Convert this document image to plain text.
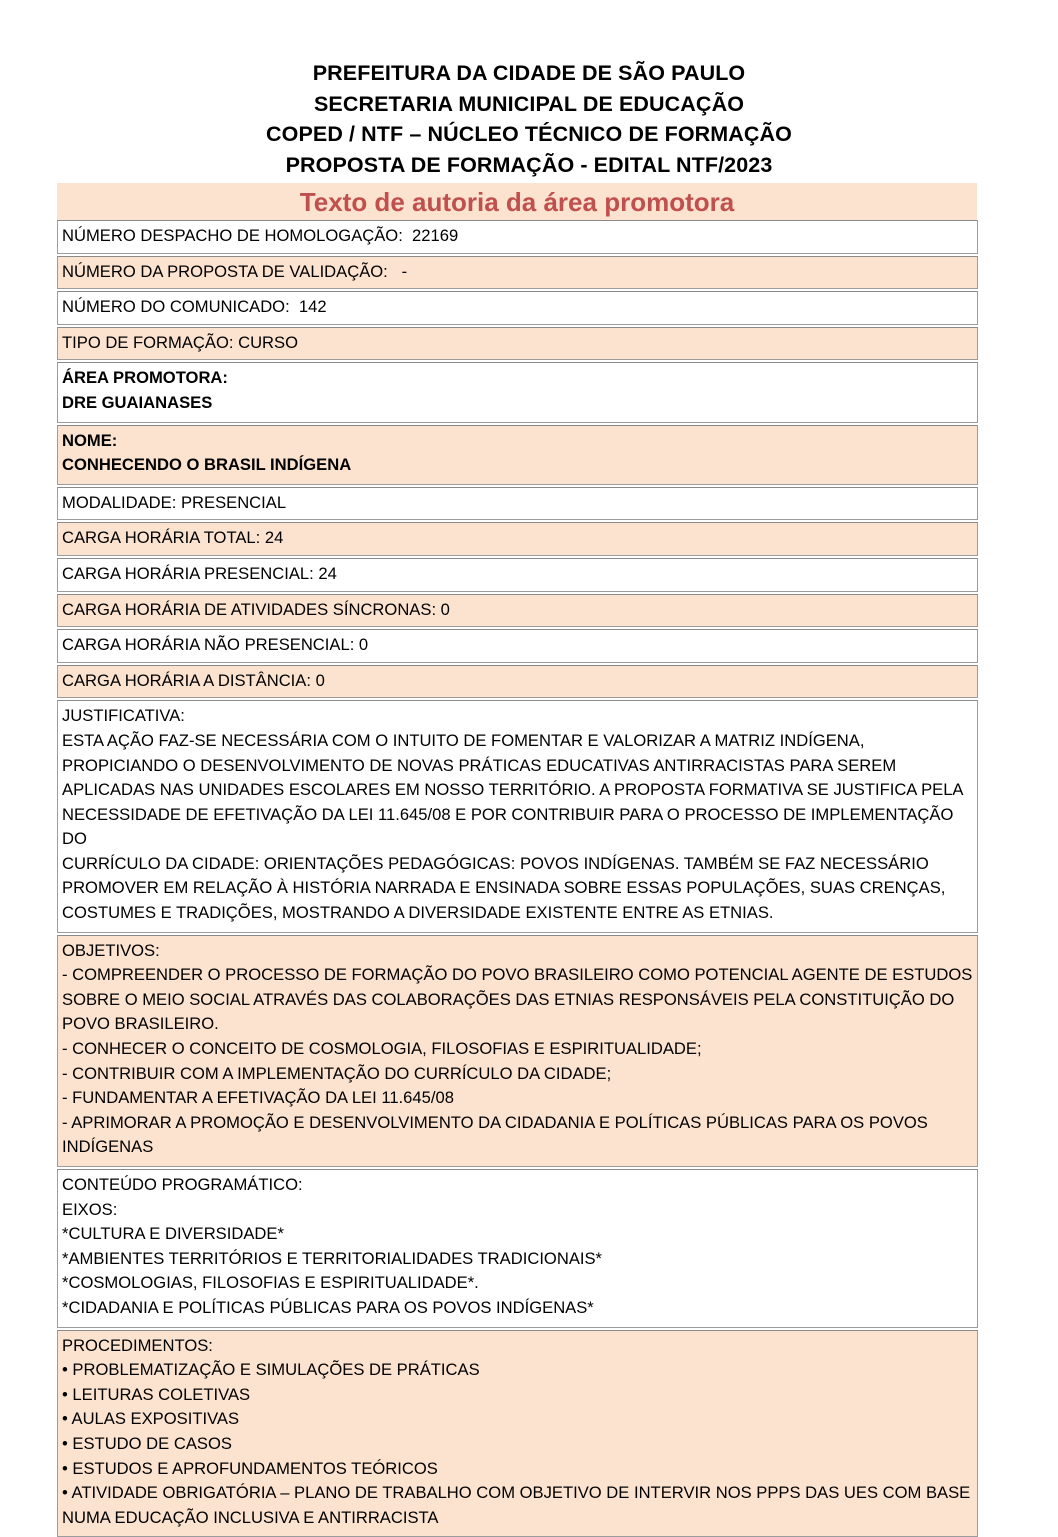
PREFEITURA DA CIDADE DE SÃO PAULO
SECRETARIA MUNICIPAL DE EDUCAÇÃO
COPED / NTF – NÚCLEO TÉCNICO DE FORMAÇÃO
PROPOSTA DE FORMAÇÃO - EDITAL NTF/2023
Texto de autoria da área promotora
NÚMERO DESPACHO DE HOMOLOGAÇÃO:  22169
NÚMERO DA PROPOSTA DE VALIDAÇÃO:   -
NÚMERO DO COMUNICADO:  142
TIPO DE FORMAÇÃO: CURSO
ÁREA PROMOTORA:
DRE GUAIANASES
NOME:
CONHECENDO O BRASIL INDÍGENA
MODALIDADE: PRESENCIAL
CARGA HORÁRIA TOTAL: 24
CARGA HORÁRIA PRESENCIAL: 24
CARGA HORÁRIA DE ATIVIDADES SÍNCRONAS: 0
CARGA HORÁRIA NÃO PRESENCIAL: 0
CARGA HORÁRIA A DISTÂNCIA: 0
JUSTIFICATIVA:
ESTA AÇÃO FAZ-SE NECESSÁRIA COM O INTUITO DE FOMENTAR E VALORIZAR A MATRIZ INDÍGENA,
PROPICIANDO O DESENVOLVIMENTO DE NOVAS PRÁTICAS EDUCATIVAS ANTIRRACISTAS PARA SEREM
APLICADAS NAS UNIDADES ESCOLARES EM NOSSO TERRITÓRIO. A PROPOSTA FORMATIVA SE JUSTIFICA PELA
NECESSIDADE DE EFETIVAÇÃO DA LEI 11.645/08 E POR CONTRIBUIR PARA O PROCESSO DE IMPLEMENTAÇÃO DO
CURRÍCULO DA CIDADE: ORIENTAÇÕES PEDAGÓGICAS: POVOS INDÍGENAS. TAMBÉM SE FAZ NECESSÁRIO
PROMOVER EM RELAÇÃO À HISTÓRIA NARRADA E ENSINADA SOBRE ESSAS POPULAÇÕES, SUAS CRENÇAS,
COSTUMES E TRADIÇÕES, MOSTRANDO A DIVERSIDADE EXISTENTE ENTRE AS ETNIAS.
OBJETIVOS:
- COMPREENDER O PROCESSO DE FORMAÇÃO DO POVO BRASILEIRO COMO POTENCIAL AGENTE DE ESTUDOS
SOBRE O MEIO SOCIAL ATRAVÉS DAS COLABORAÇÕES DAS ETNIAS RESPONSÁVEIS PELA CONSTITUIÇÃO DO
POVO BRASILEIRO.
- CONHECER O CONCEITO DE COSMOLOGIA, FILOSOFIAS E ESPIRITUALIDADE;
- CONTRIBUIR COM A IMPLEMENTAÇÃO DO CURRÍCULO DA CIDADE;
- FUNDAMENTAR A EFETIVAÇÃO DA LEI 11.645/08
- APRIMORAR A PROMOÇÃO E DESENVOLVIMENTO DA CIDADANIA E POLÍTICAS PÚBLICAS PARA OS POVOS
INDÍGENAS
CONTEÚDO PROGRAMÁTICO:
EIXOS:
*CULTURA E DIVERSIDADE*
*AMBIENTES TERRITÓRIOS E TERRITORIALIDADES TRADICIONAIS*
*COSMOLOGIAS, FILOSOFIAS E ESPIRITUALIDADE*.
*CIDADANIA E POLÍTICAS PÚBLICAS PARA OS POVOS INDÍGENAS*
PROCEDIMENTOS:
• PROBLEMATIZAÇÃO E SIMULAÇÕES DE PRÁTICAS
• LEITURAS COLETIVAS
• AULAS EXPOSITIVAS
• ESTUDO DE CASOS
• ESTUDOS E APROFUNDAMENTOS TEÓRICOS
• ATIVIDADE OBRIGATÓRIA – PLANO DE TRABALHO COM OBJETIVO DE INTERVIR NOS PPPS DAS UES COM BASE
NUMA EDUCAÇÃO INCLUSIVA E ANTIRRACISTA
